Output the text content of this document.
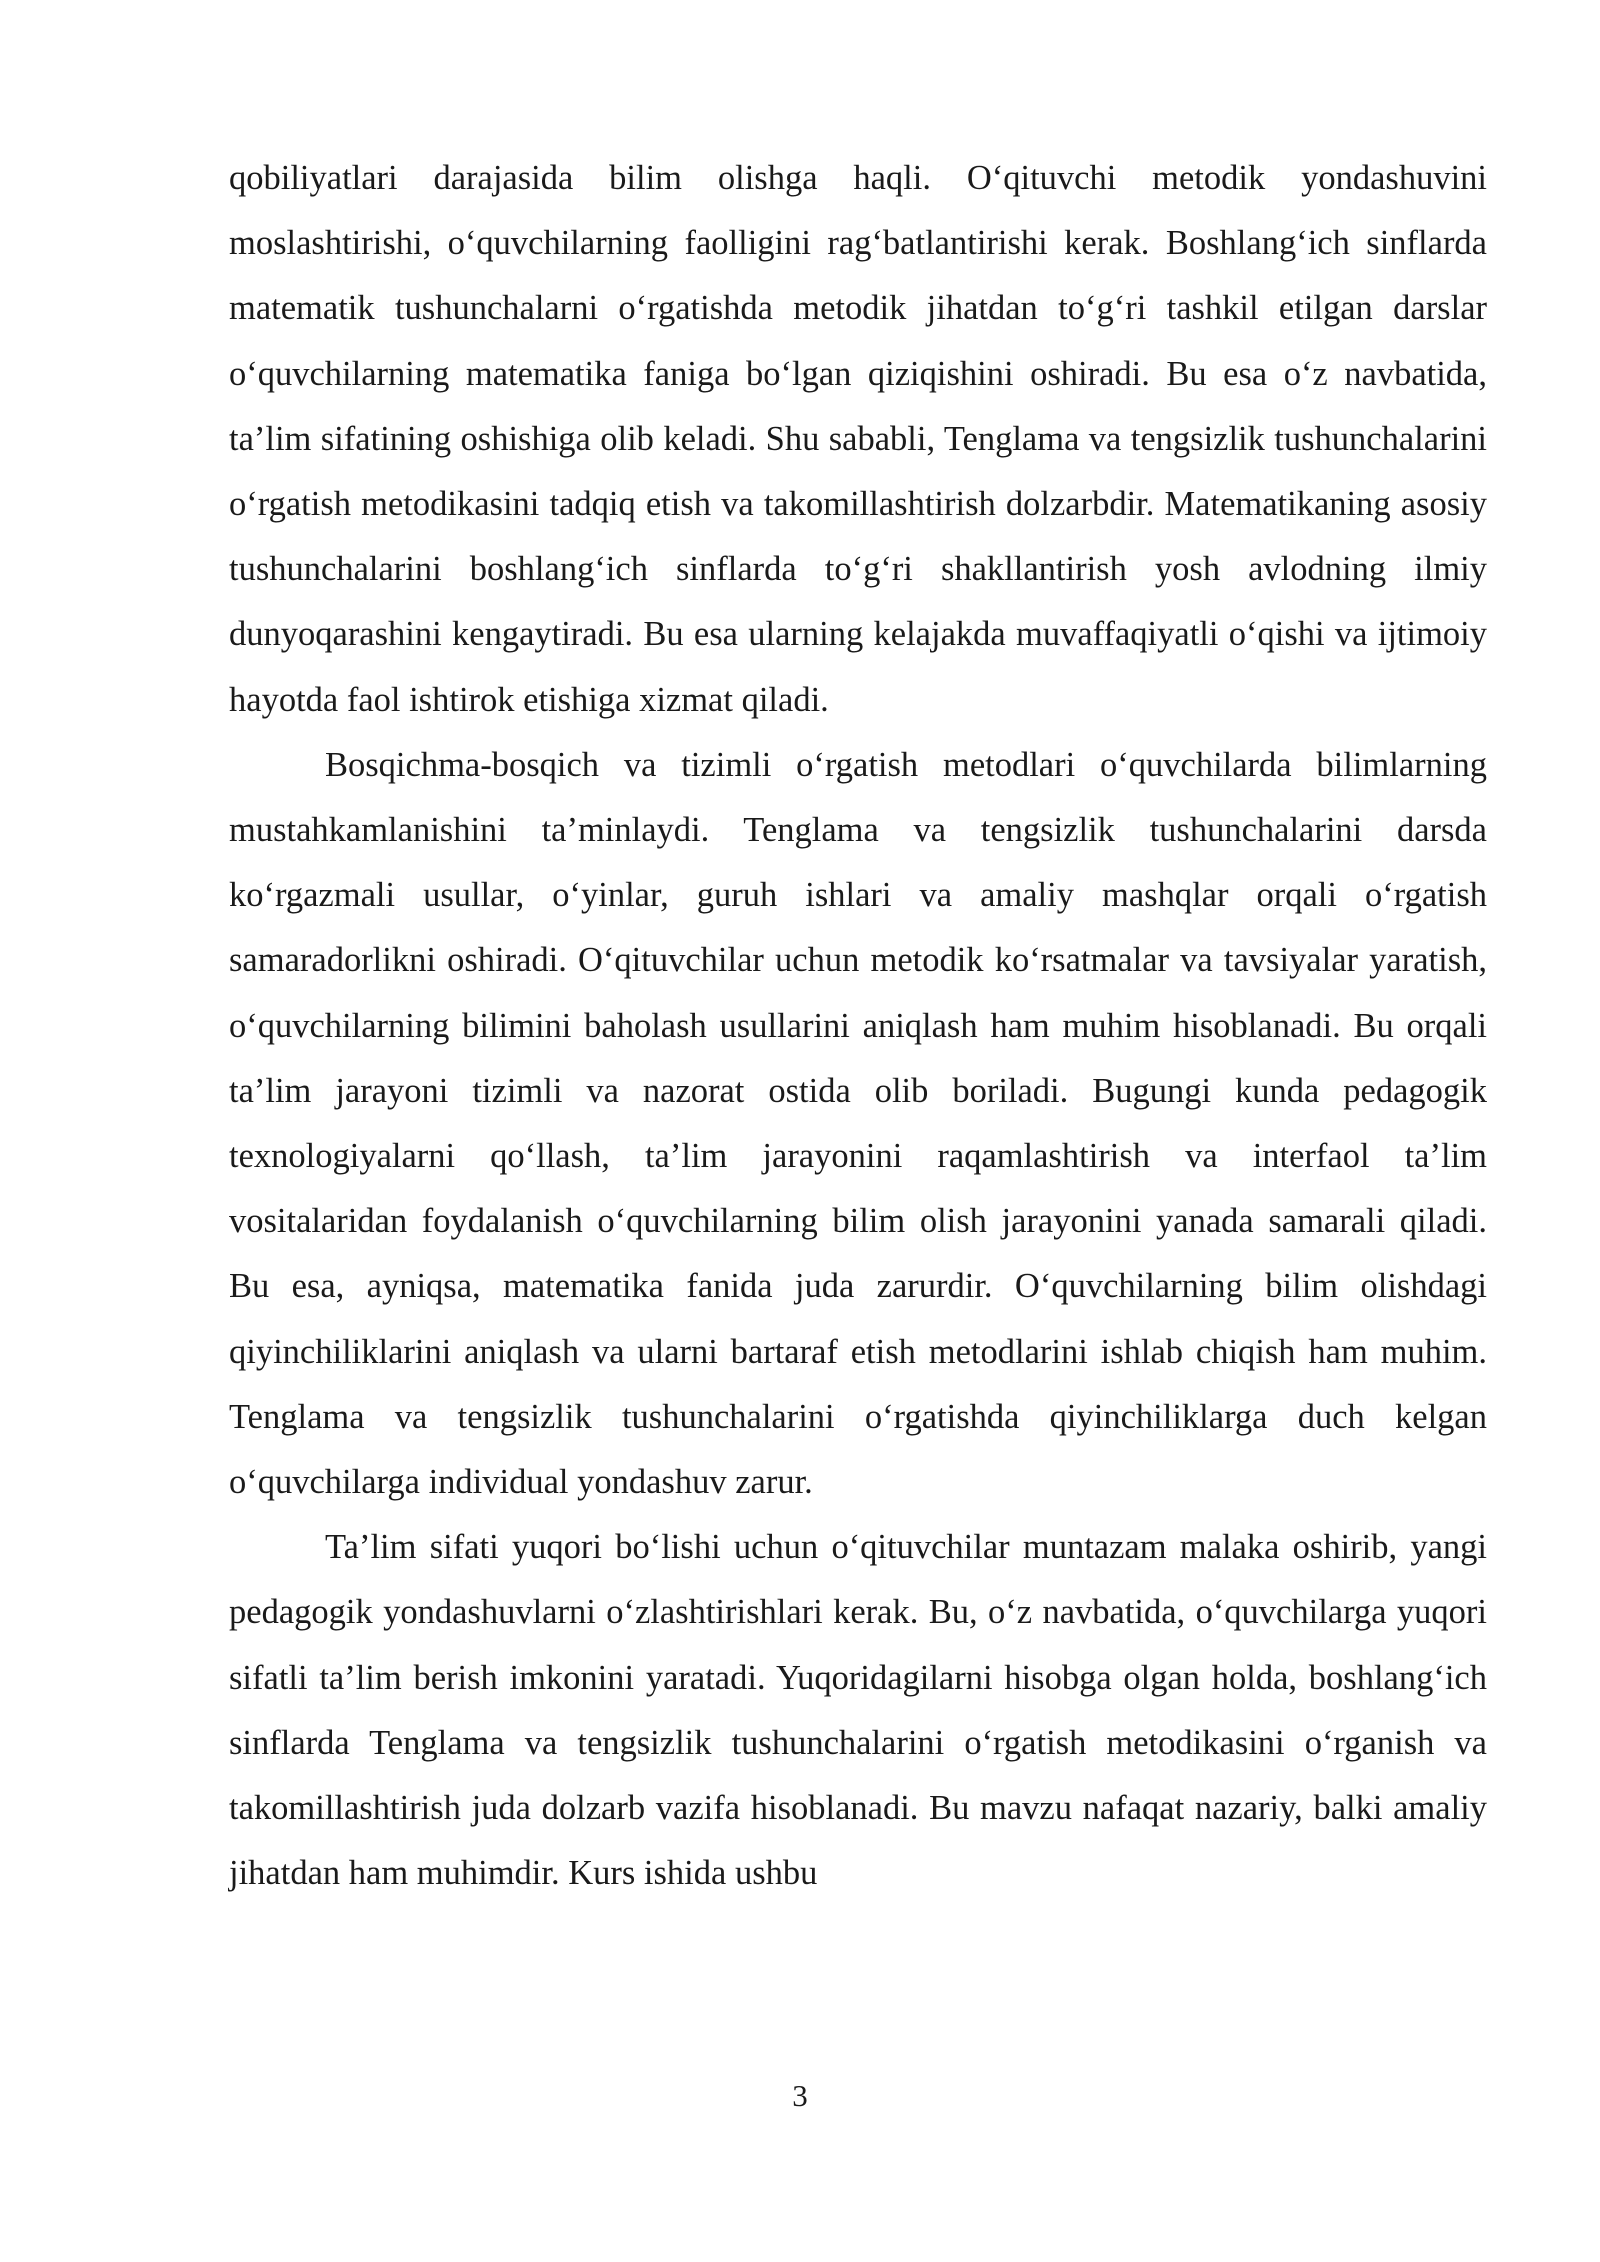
qobiliyatlari darajasida bilim olishga haqli. O‘qituvchi metodik yondashuvini moslashtirishi, o‘quvchilarning faolligini rag‘batlantirishi kerak. Boshlang‘ich sinflarda matematik tushunchalarni o‘rgatishda metodik jihatdan to‘g‘ri tashkil etilgan darslar o‘quvchilarning matematika faniga bo‘lgan qiziqishini oshiradi. Bu esa o‘z navbatida, ta’lim sifatining oshishiga olib keladi. Shu sababli, Tenglama va tengsizlik tushunchalarini o‘rgatish metodikasini tadqiq etish va takomillashtirish dolzarbdir. Matematikaning asosiy tushunchalarini boshlang‘ich sinflarda to‘g‘ri shakllantirish yosh avlodning ilmiy dunyoqarashini kengaytiradi. Bu esa ularning kelajakda muvaffaqiyatli o‘qishi va ijtimoiy hayotda faol ishtirok etishiga xizmat qiladi.

Bosqichma-bosqich va tizimli o‘rgatish metodlari o‘quvchilarda bilimlarning mustahkamlanishini ta’minlaydi. Tenglama va tengsizlik tushunchalarini darsda ko‘rgazmali usullar, o‘yinlar, guruh ishlari va amaliy mashqlar orqali o‘rgatish samaradorlikni oshiradi. O‘qituvchilar uchun metodik ko‘rsatmalar va tavsiyalar yaratish, o‘quvchilarning bilimini baholash usullarini aniqlash ham muhim hisoblanadi. Bu orqali ta’lim jarayoni tizimli va nazorat ostida olib boriladi. Bugungi kunda pedagogik texnologiyalarni qo‘llash, ta’lim jarayonini raqamlashtirish va interfaol ta’lim vositalaridan foydalanish o‘quvchilarning bilim olish jarayonini yanada samarali qiladi. Bu esa, ayniqsa, matematika fanida juda zarurdir. O‘quvchilarning bilim olishdagi qiyinchiliklarini aniqlash va ularni bartaraf etish metodlarini ishlab chiqish ham muhim. Tenglama va tengsizlik tushunchalarini o‘rgatishda qiyinchiliklarga duch kelgan o‘quvchilarga individual yondashuv zarur.

Ta’lim sifati yuqori bo‘lishi uchun o‘qituvchilar muntazam malaka oshirib, yangi pedagogik yondashuvlarni o‘zlashtirishlari kerak. Bu, o‘z navbatida, o‘quvchilarga yuqori sifatli ta’lim berish imkonini yaratadi. Yuqoridagilarni hisobga olgan holda, boshlang‘ich sinflarda Tenglama va tengsizlik tushunchalarini o‘rgatish metodikasini o‘rganish va takomillashtirish juda dolzarb vazifa hisoblanadi. Bu mavzu nafaqat nazariy, balki amaliy jihatdan ham muhimdir. Kurs ishida ushbu

3
